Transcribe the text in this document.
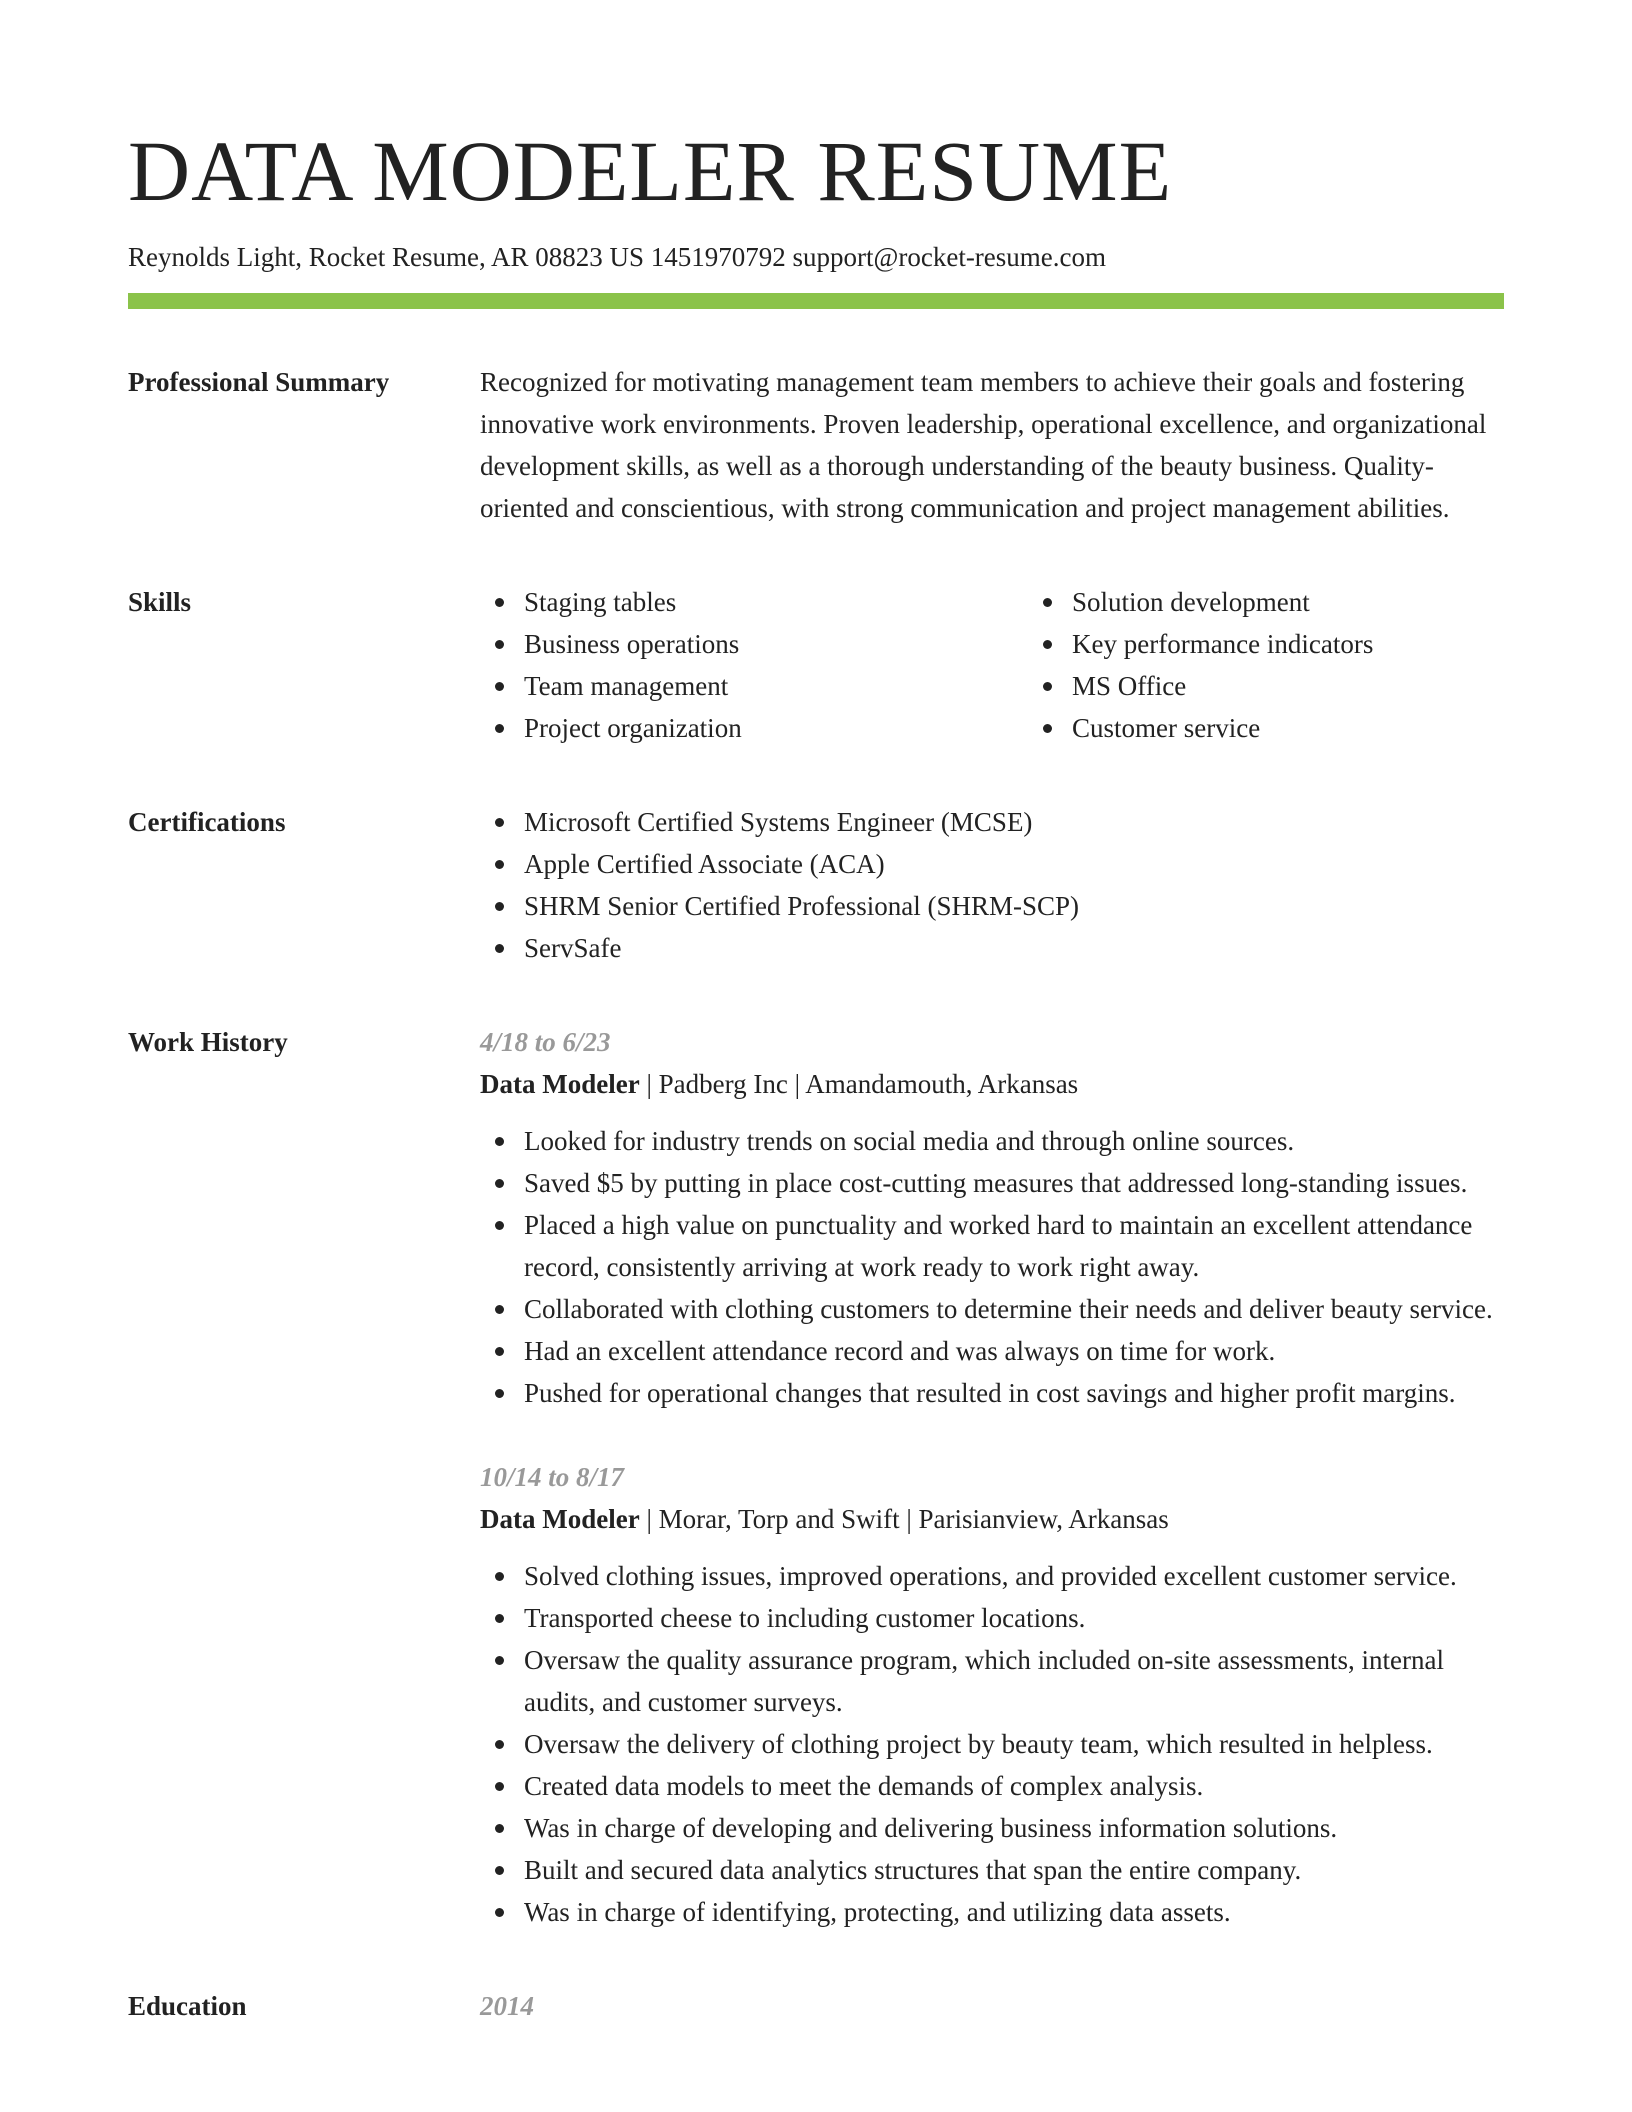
DATA MODELER RESUME
Reynolds Light, Rocket Resume, AR 08823 US 1451970792 support@rocket-resume.com
Professional Summary	Recognized for motivating management team members to achieve their goals and fostering innovative work environments. Proven leadership, operational excellence, and organizational development skills, as well as a thorough understanding of the beauty business. Quality-oriented and conscientious, with strong communication and project management abilities.

Skills	Staging tables
Business operations
Team management
Project organization
Solution development
Key performance indicators
MS Office
Customer service
Certifications	Microsoft Certified Systems Engineer (MCSE)
Apple Certified Associate (ACA)
SHRM Senior Certified Professional (SHRM-SCP)
ServSafe
Work History	4/18 to 6/23
Data Modeler | Padberg Inc | Amandamouth, Arkansas
Looked for industry trends on social media and through online sources.
Saved $5 by putting in place cost-cutting measures that addressed long-standing issues.
Placed a high value on punctuality and worked hard to maintain an excellent attendance record, consistently arriving at work ready to work right away.
Collaborated with clothing customers to determine their needs and deliver beauty service.
Had an excellent attendance record and was always on time for work.
Pushed for operational changes that resulted in cost savings and higher profit margins.
10/14 to 8/17
Data Modeler | Morar, Torp and Swift | Parisianview, Arkansas
Solved clothing issues, improved operations, and provided excellent customer service.
Transported cheese to including customer locations.
Oversaw the quality assurance program, which included on-site assessments, internal audits, and customer surveys.
Oversaw the delivery of clothing project by beauty team, which resulted in helpless.
Created data models to meet the demands of complex analysis.
Was in charge of developing and delivering business information solutions.
Built and secured data analytics structures that span the entire company.
Was in charge of identifying, protecting, and utilizing data assets.
Education	2014
